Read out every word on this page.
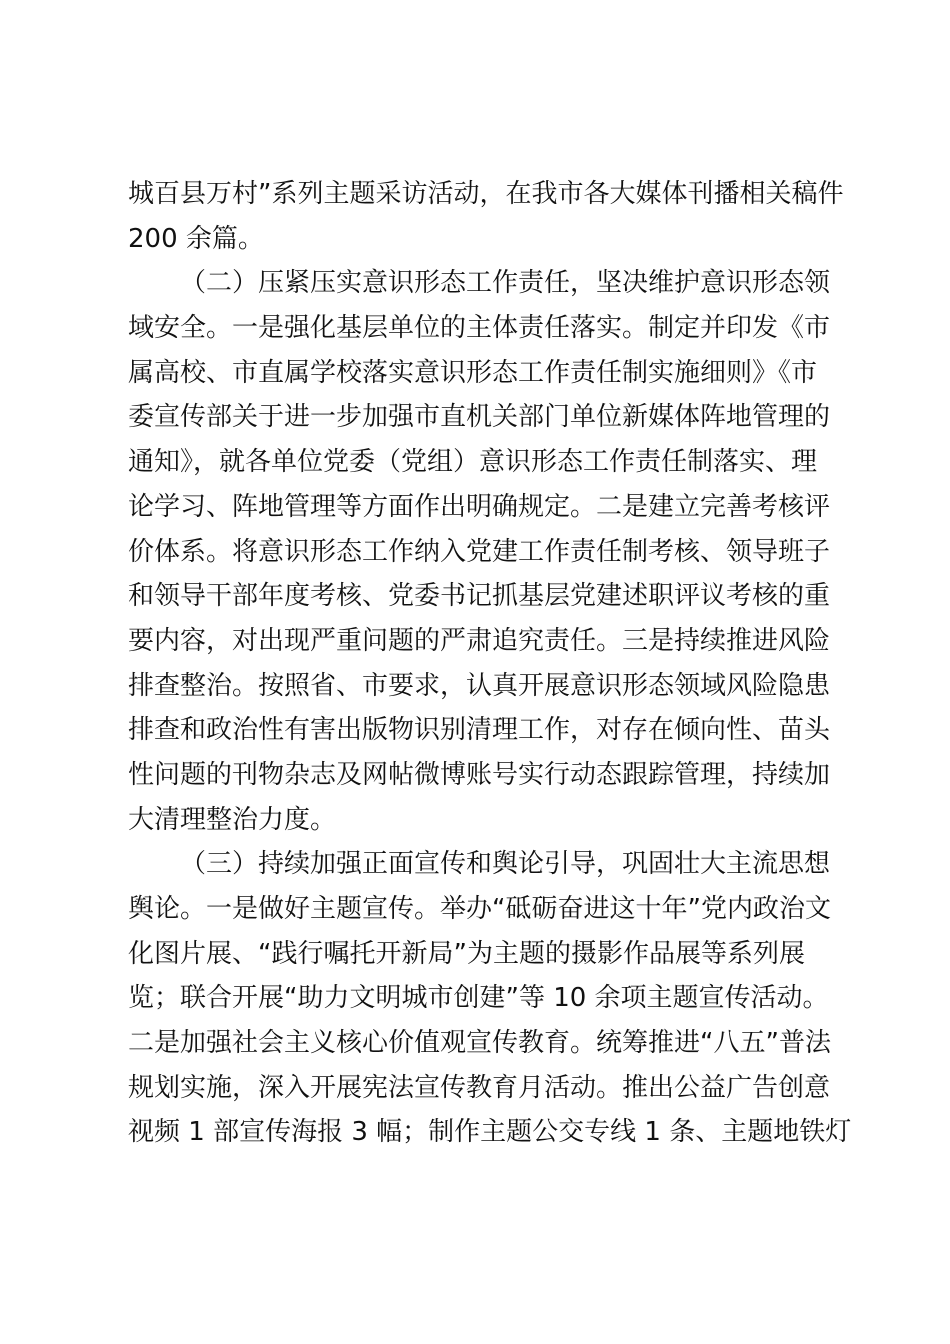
城百县万村”系列主题采访活动，在我市各大媒体刊播相关稿件
200 余篇。
（二）压紧压实意识形态工作责任，坚决维护意识形态领
域安全。一是强化基层单位的主体责任落实。制定并印发《市
属高校、市直属学校落实意识形态工作责任制实施细则》《市
委宣传部关于进一步加强市直机关部门单位新媒体阵地管理的
通知》，就各单位党委（党组）意识形态工作责任制落实、理
论学习、阵地管理等方面作出明确规定。二是建立完善考核评
价体系。将意识形态工作纳入党建工作责任制考核、领导班子
和领导干部年度考核、党委书记抓基层党建述职评议考核的重
要内容，对出现严重问题的严肃追究责任。三是持续推进风险
排查整治。按照省、市要求，认真开展意识形态领域风险隐患
排查和政治性有害出版物识别清理工作，对存在倾向性、苗头
性问题的刊物杂志及网帖微博账号实行动态跟踪管理，持续加
大清理整治力度。
（三）持续加强正面宣传和舆论引导，巩固壮大主流思想
舆论。一是做好主题宣传。举办“砥砺奋进这十年”党内政治文
化图片展、“践行嘱托开新局”为主题的摄影作品展等系列展
览；联合开展“助力文明城市创建”等 10 余项主题宣传活动。
二是加强社会主义核心价值观宣传教育。统筹推进“八五”普法
规划实施，深入开展宪法宣传教育月活动。推出公益广告创意
视频 1 部宣传海报 3 幅；制作主题公交专线 1 条、主题地铁灯
